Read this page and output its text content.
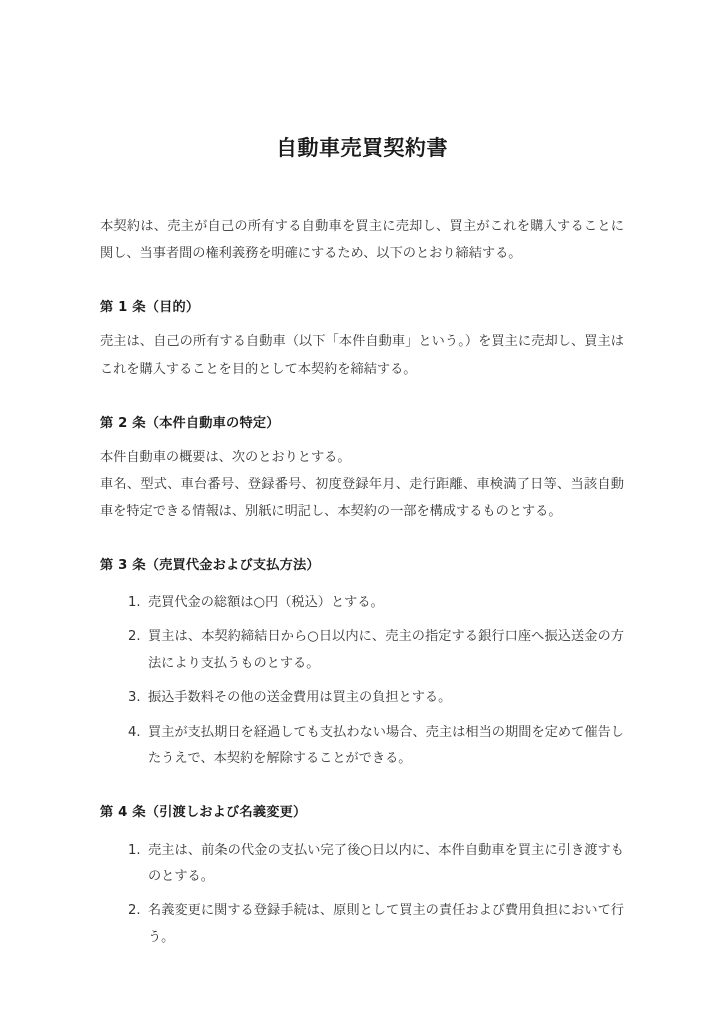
自動車売買契約書

本契約は、売主が自己の所有する自動車を買主に売却し、買主がこれを購入することに関し、当事者間の権利義務を明確にするため、以下のとおり締結する。

第 1 条（目的）

売主は、自己の所有する自動車（以下「本件自動車」という。）を買主に売却し、買主はこれを購入することを目的として本契約を締結する。

第 2 条（本件自動車の特定）

本件自動車の概要は、次のとおりとする。

車名、型式、車台番号、登録番号、初度登録年月、走行距離、車検満了日等、当該自動車を特定できる情報は、別紙に明記し、本契約の一部を構成するものとする。

第 3 条（売買代金および支払方法）
売買代金の総額は○円（税込）とする。
買主は、本契約締結日から○日以内に、売主の指定する銀行口座へ振込送金の方法により支払うものとする。
振込手数料その他の送金費用は買主の負担とする。
買主が支払期日を経過しても支払わない場合、売主は相当の期間を定めて催告したうえで、本契約を解除することができる。
第 4 条（引渡しおよび名義変更）
売主は、前条の代金の支払い完了後○日以内に、本件自動車を買主に引き渡すものとする。
名義変更に関する登録手続は、原則として買主の責任および費用負担において行う。
